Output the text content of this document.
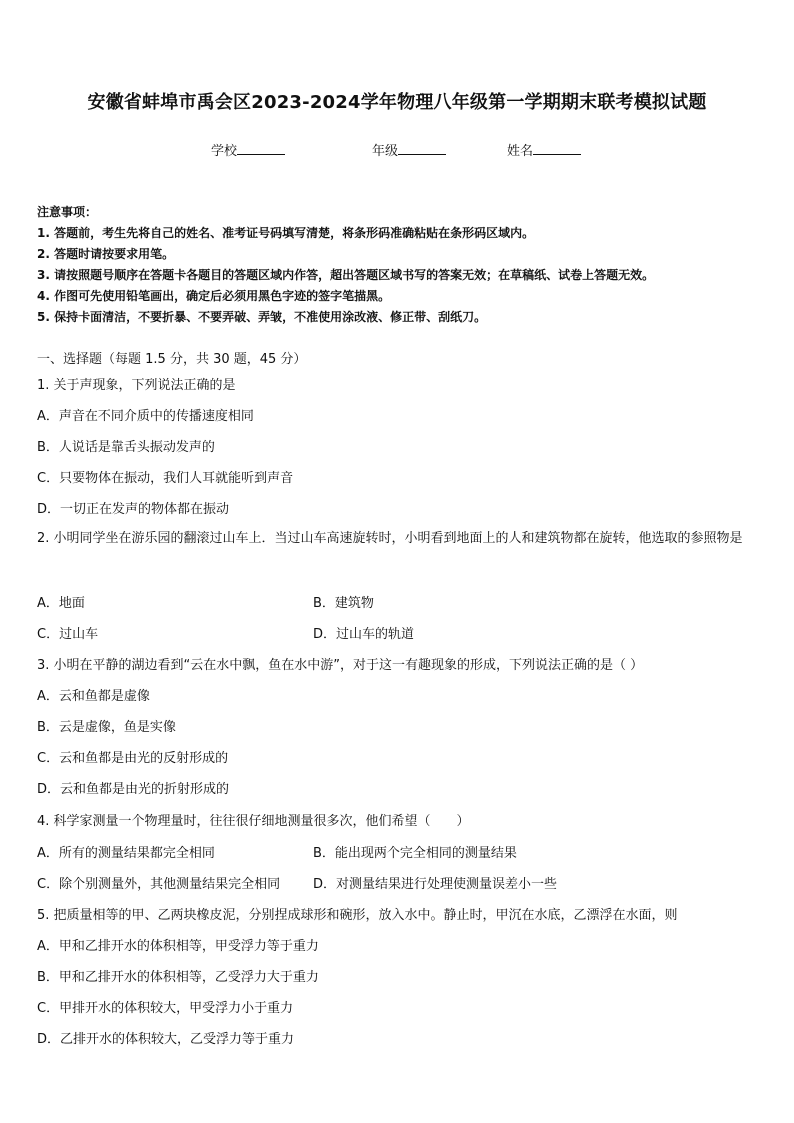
安徽省蚌埠市禹会区2023-2024学年物理八年级第一学期期末联考模拟试题
学校	年级	姓名
注意事项：
1. 答题前，考生先将自己的姓名、准考证号码填写清楚，将条形码准确粘贴在条形码区域内。
2. 答题时请按要求用笔。
3. 请按照题号顺序在答题卡各题目的答题区域内作答，超出答题区域书写的答案无效；在草稿纸、试卷上答题无效。
4. 作图可先使用铅笔画出，确定后必须用黑色字迹的签字笔描黑。
5. 保持卡面清洁，不要折暴、不要弄破、弄皱，不准使用涂改液、修正带、刮纸刀。
一、选择题（每题 1.5 分，共 30 题，45 分）
1. 关于声现象，下列说法正确的是
A．声音在不同介质中的传播速度相同
B．人说话是靠舌头振动发声的
C．只要物体在振动，我们人耳就能听到声音
D．一切正在发声的物体都在振动
2. 小明同学坐在游乐园的翻滚过山车上．当过山车高速旋转时，小明看到地面上的人和建筑物都在旋转，他选取的参照物是
A．地面	B．建筑物
C．过山车	D．过山车的轨道
3. 小明在平静的湖边看到“云在水中飘，鱼在水中游”，对于这一有趣现象的形成，下列说法正确的是（ ）
A．云和鱼都是虚像
B．云是虚像，鱼是实像
C．云和鱼都是由光的反射形成的
D．云和鱼都是由光的折射形成的
4. 科学家测量一个物理量时，往往很仔细地测量很多次，他们希望（　　）
A．所有的测量结果都完全相同	B．能出现两个完全相同的测量结果
C．除个别测量外，其他测量结果完全相同	D．对测量结果进行处理使测量误差小一些
5. 把质量相等的甲、乙两块橡皮泥，分别捏成球形和碗形，放入水中。静止时，甲沉在水底，乙漂浮在水面，则
A．甲和乙排开水的体积相等，甲受浮力等于重力
B．甲和乙排开水的体积相等，乙受浮力大于重力
C．甲排开水的体积较大，甲受浮力小于重力
D．乙排开水的体积较大，乙受浮力等于重力
